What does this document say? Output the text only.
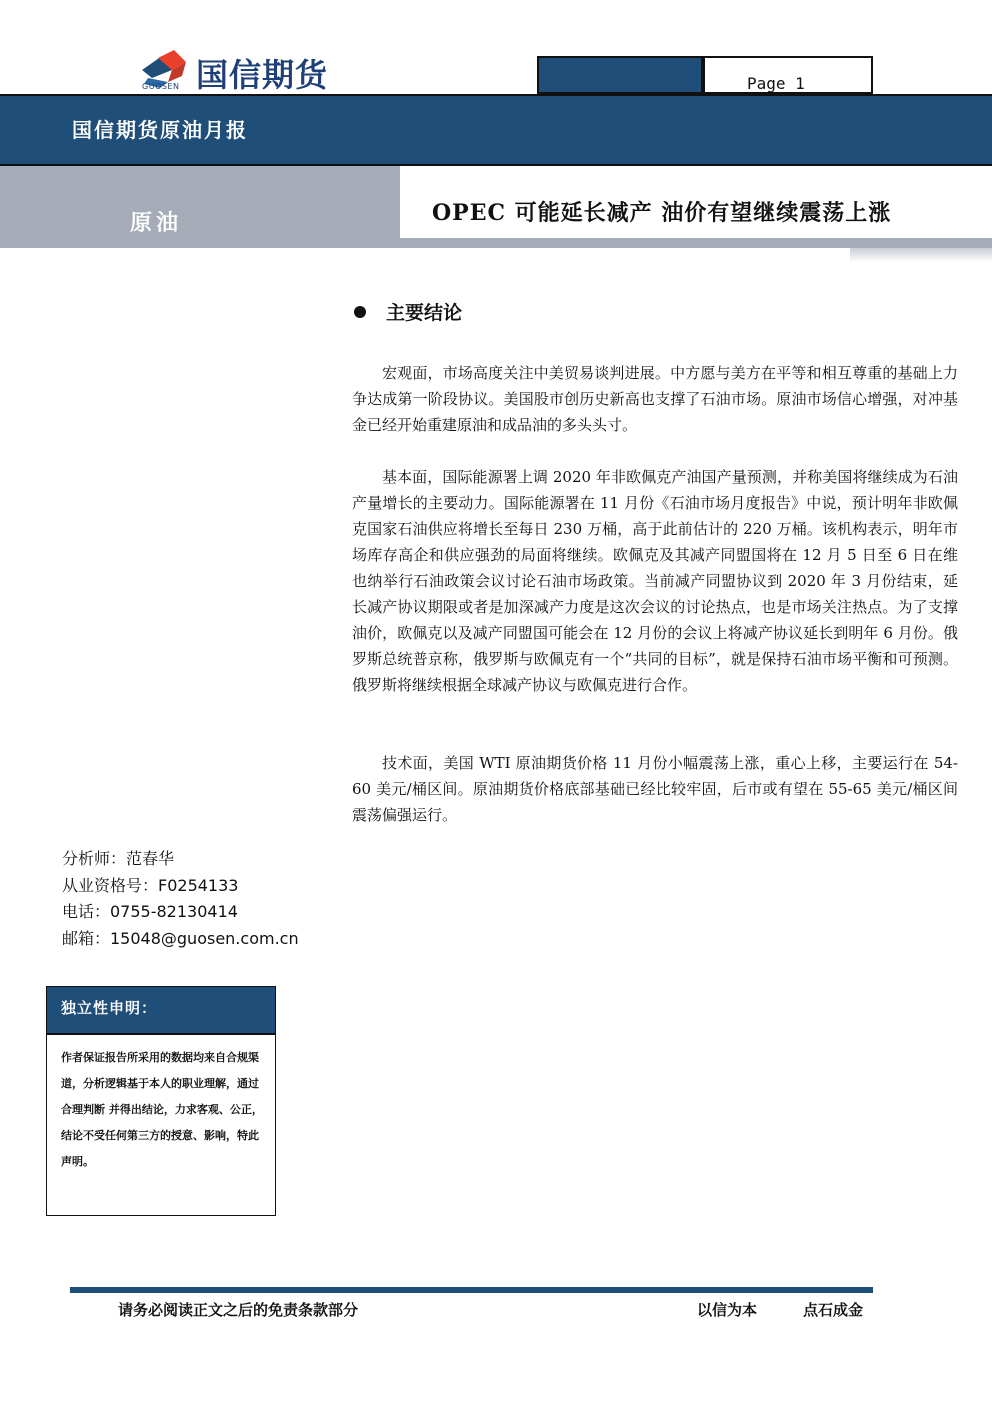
GUOSEN 国信期货	Page 1
国信期货原油月报
原油	OPEC 可能延长减产 油价有望继续震荡上涨
主要结论
宏观面，市场高度关注中美贸易谈判进展。中方愿与美方在平等和相互尊重的基础上力争达成第一阶段协议。美国股市创历史新高也支撑了石油市场。原油市场信心增强，对冲基金已经开始重建原油和成品油的多头头寸。
基本面，国际能源署上调 2020 年非欧佩克产油国产量预测，并称美国将继续成为石油产量增长的主要动力。国际能源署在 11 月份《石油市场月度报告》中说，预计明年非欧佩克国家石油供应将增长至每日 230 万桶，高于此前估计的 220 万桶。该机构表示，明年市场库存高企和供应强劲的局面将继续。欧佩克及其减产同盟国将在 12 月 5 日至 6 日在维也纳举行石油政策会议讨论石油市场政策。当前减产同盟协议到 2020 年 3 月份结束，延长减产协议期限或者是加深减产力度是这次会议的讨论热点，也是市场关注热点。为了支撑油价，欧佩克以及减产同盟国可能会在 12 月份的会议上将减产协议延长到明年 6 月份。俄罗斯总统普京称，俄罗斯与欧佩克有一个“共同的目标”，就是保持石油市场平衡和可预测。俄罗斯将继续根据全球减产协议与欧佩克进行合作。
技术面，美国 WTI 原油期货价格 11 月份小幅震荡上涨，重心上移，主要运行在 54-60 美元/桶区间。原油期货价格底部基础已经比较牢固，后市或有望在 55-65 美元/桶区间震荡偏强运行。
分析师：范春华
从业资格号：F0254133
电话：0755-82130414
邮箱：15048@guosen.com.cn
独立性申明：
作者保证报告所采用的数据均来自合规渠道，分析逻辑基于本人的职业理解，通过合理判断 并得出结论，力求客观、公正，结论不受任何第三方的授意、影响，特此声明。
请务必阅读正文之后的免责条款部分	以信为本	点石成金
